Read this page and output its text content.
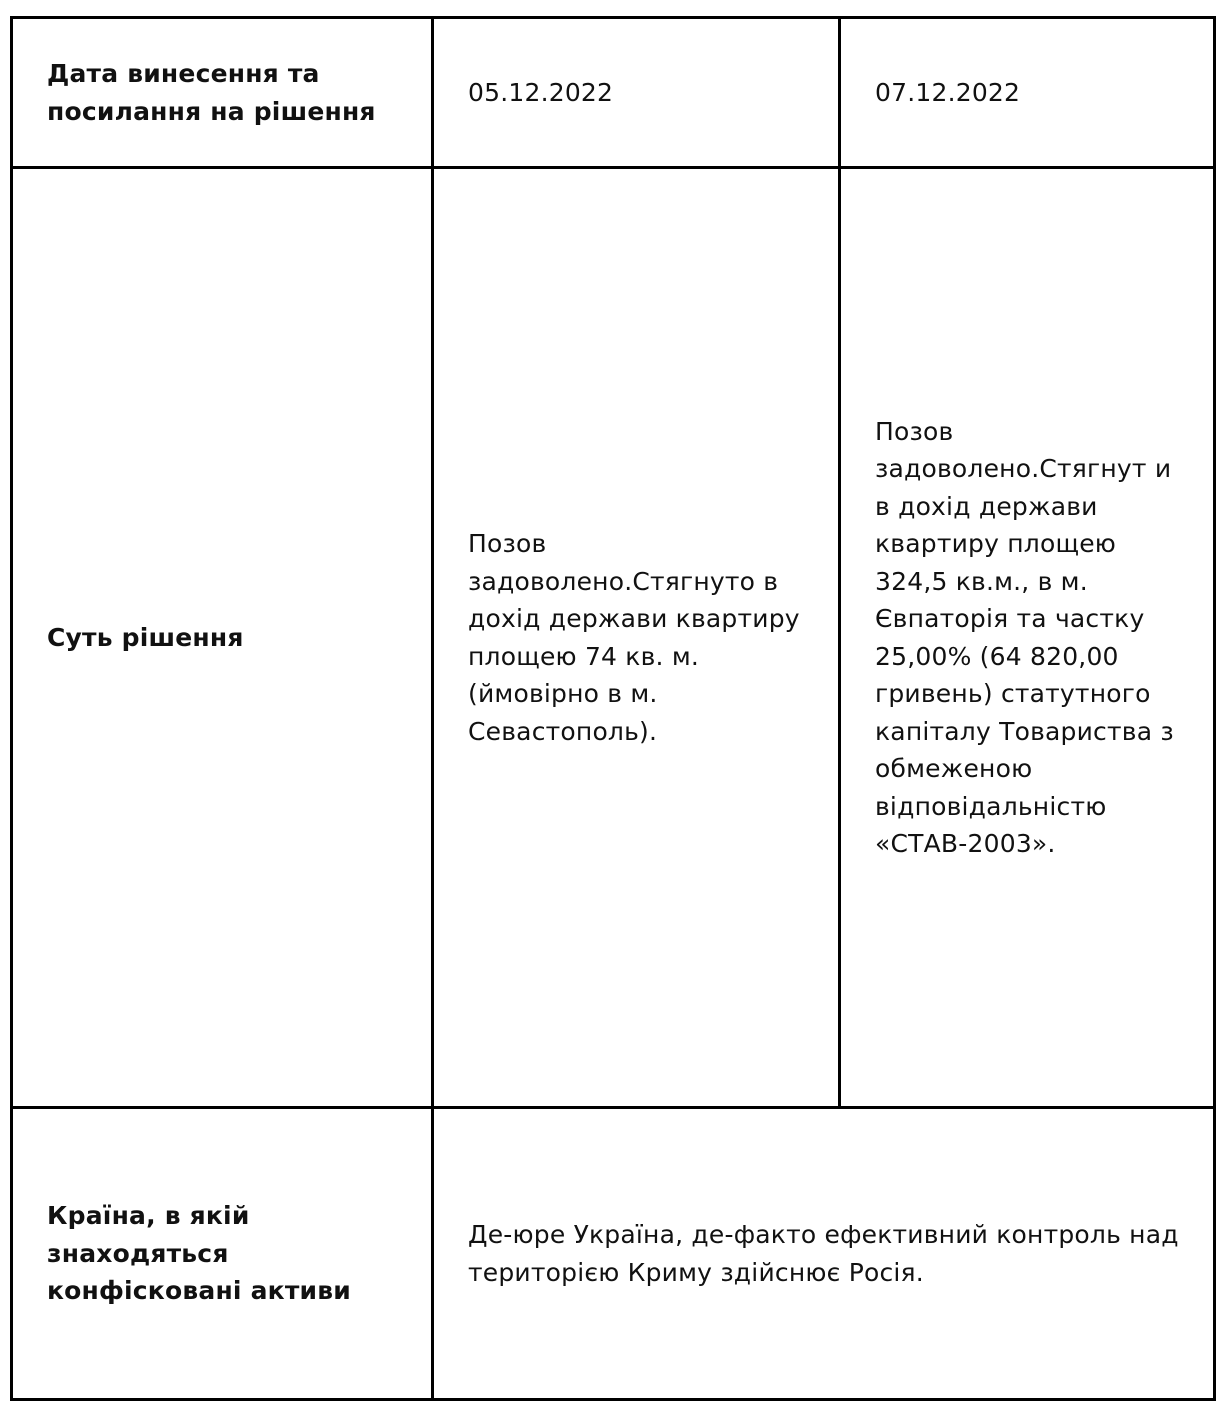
Дата винесення та посилання на рішення	05.12.2022	07.12.2022

Суть рішення	Позов задоволено.Стягнуто в дохід держави квартиру площею 74 кв. м. (ймовірно в м. Севастополь).	Позов задоволено.Стягнут и в дохід держави квартиру площею 324,5 кв.м., в м. Євпаторія та частку 25,00% (64 820,00 гривень) статутного капіталу Товариства з обмеженою відповідальністю «СТАВ-2003».

Країна, в якій знаходяться конфісковані активи	Де-юре Україна, де-факто ефективний контроль над територією Криму здійснює Росія.	
